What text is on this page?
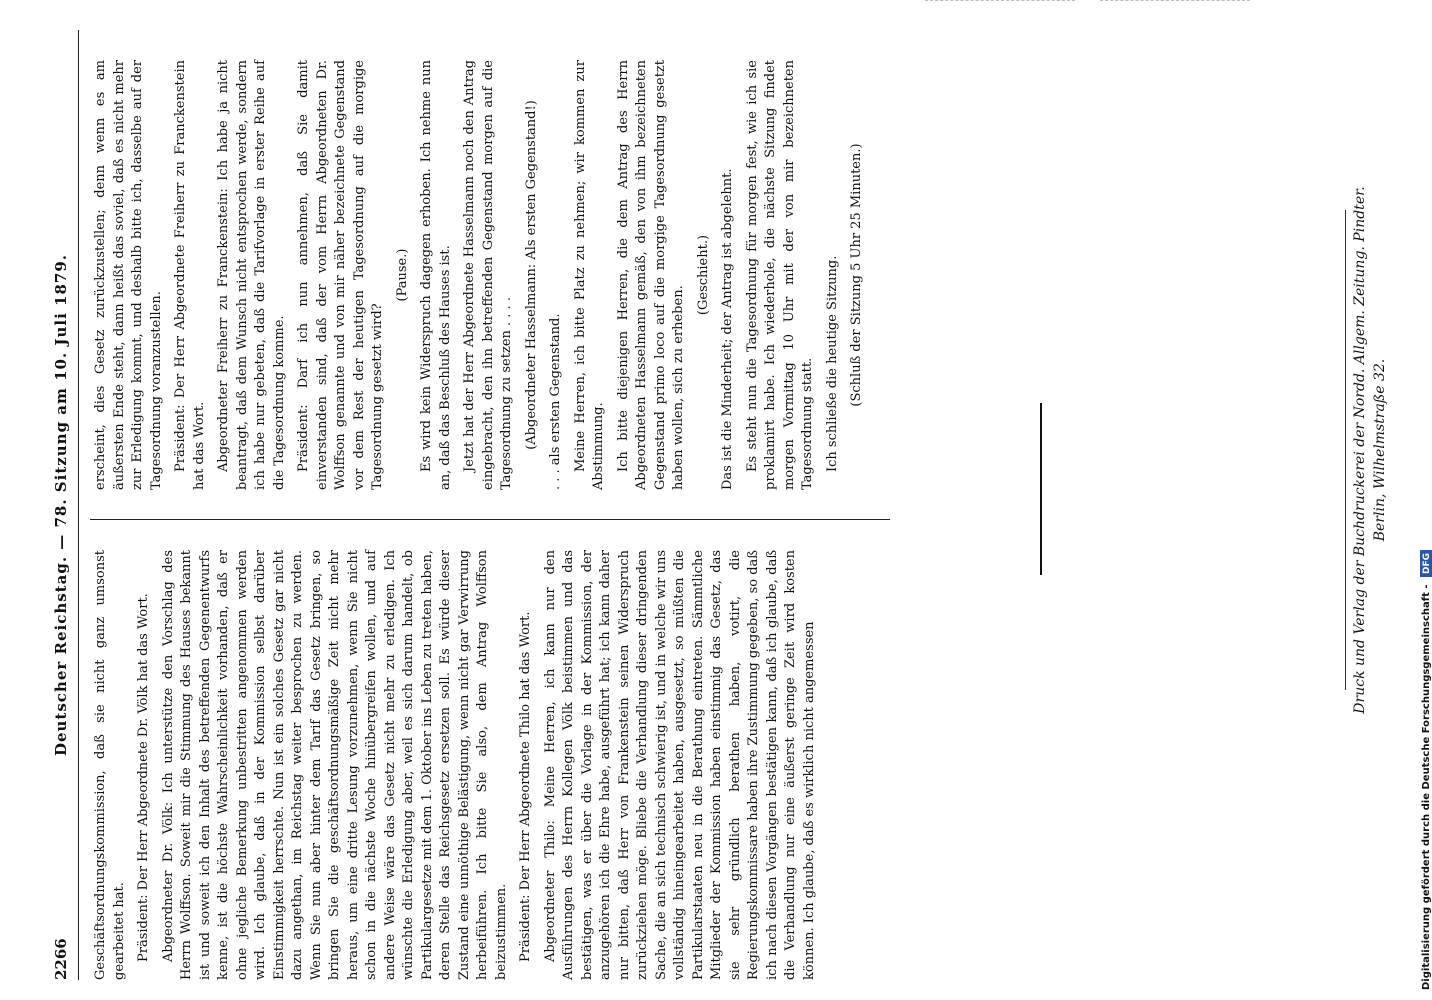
2266
Deutscher Reichstag. — 78. Sitzung am 10. Juli 1879.

Geschäftsordnungskommission, daß sie nicht ganz umsonst gearbeitet hat. Präsident: Der Herr Abgeordnete Dr. Völk hat das Wort. Abgeordneter Dr. Völk: Ich unterstütze den Vorschlag des Herrn Wolffson. Soweit mir die Stimmung des Hauses bekannt ist und soweit ich den Inhalt des betreffenden Gegenentwurfs kenne, ist die höchste Wahrscheinlichkeit vorhanden, daß er ohne jegliche Bemerkung unbestritten angenommen werden wird. Ich glaube, daß in der Kommission selbst darüber Einstimmigkeit herrschte. Nun ist ein solches Gesetz gar nicht dazu angethan, im Reichstag weiter besprochen zu werden. Wenn Sie nun aber hinter dem Tarif das Gesetz bringen, so bringen Sie die geschäftsordnungsmäßige Zeit nicht mehr heraus, um eine dritte Lesung vorzunehmen, wenn Sie nicht schon in die nächste Woche hinübergreifen wollen, und auf andere Weise wäre das Gesetz nicht mehr zu erledigen. Ich wünschte die Erledigung aber, weil es sich darum handelt, ob Partikulargesetze mit dem 1. Oktober ins Leben zu treten haben, deren Stelle das Reichsgesetz ersetzen soll. Es würde dieser Zustand eine unnöthige Belästigung, wenn nicht gar Verwirrung herbeiführen. Ich bitte Sie also, dem Antrag Wolffson beizustimmen. Präsident: Der Herr Abgeordnete Thilo hat das Wort. Abgeordneter Thilo: Meine Herren, ich kann nur den Ausführungen des Herrn Kollegen Völk beistimmen und das bestätigen, was er über die Vorlage in der Kommission, der anzugehören ich die Ehre habe, ausgeführt hat; ich kann daher nur bitten, daß Herr von Frankenstein seinen Widerspruch zurückziehen möge. Bliebe die Verhandlung dieser dringenden Sache, die an sich technisch schwierig ist, und in welche wir uns vollständig hineingearbeitet haben, ausgesetzt, so müßten die Partikularstaaten neu in die Berathung eintreten. Sämmtliche Mitglieder der Kommission haben einstimmig das Gesetz, das sie sehr gründlich berathen haben, votirt, die Regierungskommissare haben ihre Zustimmung gegeben, so daß ich nach diesen Vorgängen bestätigen kann, daß ich glaube, daß die Verhandlung nur eine äußerst geringe Zeit wird kosten können. Ich glaube, daß es wirklich nicht angemessen

erscheint, dies Gesetz zurückzustellen; denn wenn es am äußersten Ende steht, dann heißt das soviel, daß es nicht mehr zur Erledigung kommt, und deshalb bitte ich, dasselbe auf der Tagesordnung voranzustellen. Präsident: Der Herr Abgeordnete Freiherr zu Franckenstein hat das Wort. Abgeordneter Freiherr zu Franckenstein: Ich habe ja nicht beantragt, daß dem Wunsch nicht entsprochen werde, sondern ich habe nur gebeten, daß die Tarifvorlage in erster Reihe auf die Tagesordnung komme. Präsident: Darf ich nun annehmen, daß Sie damit einverstanden sind, daß der vom Herrn Abgeordneten Dr. Wolffson genannte und von mir näher bezeichnete Gegenstand vor dem Rest der heutigen Tagesordnung auf die morgige Tagesordnung gesetzt wird?

(Pause.) Es wird kein Widerspruch dagegen erhoben. Ich nehme nun an, daß das Beschluß des Hauses ist. Jetzt hat der Herr Abgeordnete Hasselmann noch den Antrag eingebracht, den ihn betreffenden Gegenstand morgen auf die Tagesordnung zu setzen . . . . (Abgeordneter Hasselmann: Als ersten Gegenstand!) . . . als ersten Gegenstand. Meine Herren, ich bitte Platz zu nehmen; wir kommen zur Abstimmung. Ich bitte diejenigen Herren, die dem Antrag des Herrn Abgeordneten Hasselmann gemäß, den von ihm bezeichneten Gegenstand primo loco auf die morgige Tagesordnung gesetzt haben wollen, sich zu erheben.

(Geschieht.) Das ist die Minderheit; der Antrag ist abgelehnt. Es steht nun die Tagesordnung für morgen fest, wie ich sie proklamirt habe. Ich wiederhole, die nächste Sitzung findet morgen Vormittag 10 Uhr mit der von mir bezeichneten Tagesordnung statt. Ich schließe die heutige Sitzung. (Schluß der Sitzung 5 Uhr 25 Minuten.)	Druck und Verlag der Buchdruckerei der Nordd. Allgem. Zeitung. Pindter. Berlin, Wilhelmstraße 32.
Digitalisierung gefördert durch die Deutsche Forschungsgemeinschaft - DFG
